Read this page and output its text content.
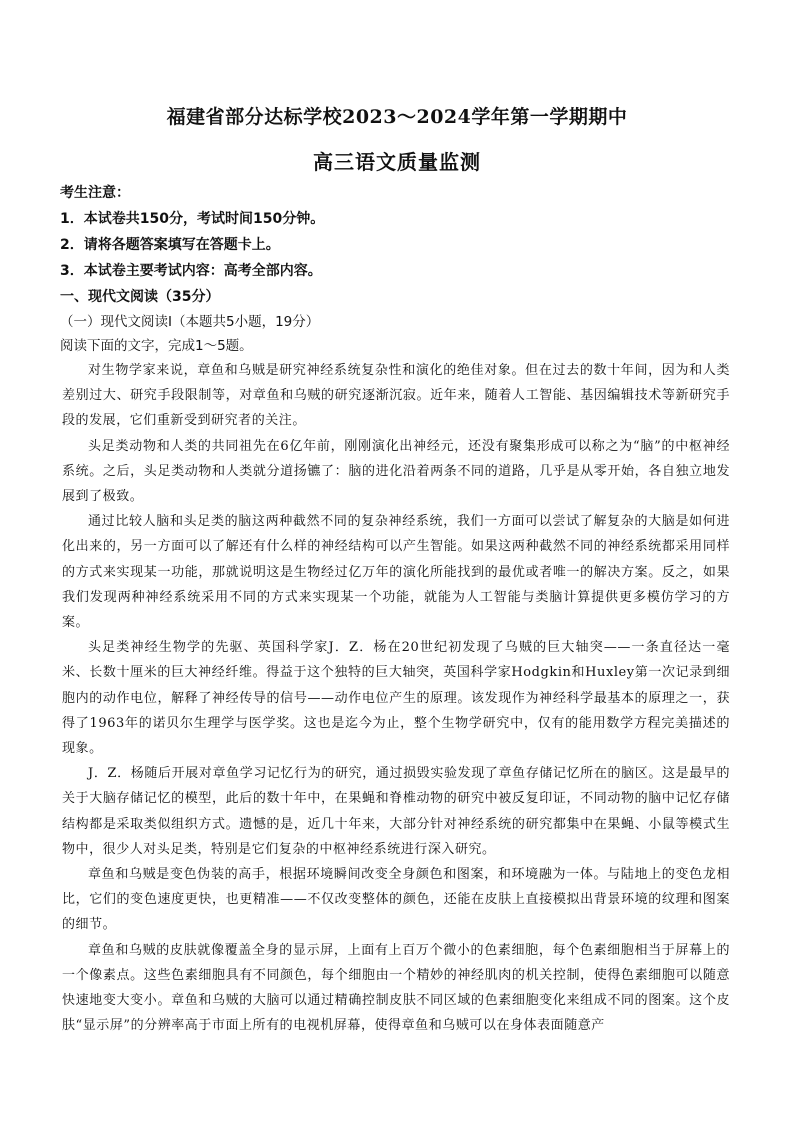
福建省部分达标学校2023～2024学年第一学期期中
高三语文质量监测
考生注意：
1．本试卷共150分，考试时间150分钟。
2．请将各题答案填写在答题卡上。
3．本试卷主要考试内容：高考全部内容。
一、现代文阅读（35分）
（一）现代文阅读Ⅰ（本题共5小题，19分）
阅读下面的文字，完成1～5题。

对生物学家来说，章鱼和乌贼是研究神经系统复杂性和演化的绝佳对象。但在过去的数十年间，因为和人类差别过大、研究手段限制等，对章鱼和乌贼的研究逐渐沉寂。近年来，随着人工智能、基因编辑技术等新研究手段的发展，它们重新受到研究者的关注。

头足类动物和人类的共同祖先在6亿年前，刚刚演化出神经元，还没有聚集形成可以称之为“脑”的中枢神经系统。之后，头足类动物和人类就分道扬镳了：脑的进化沿着两条不同的道路，几乎是从零开始，各自独立地发展到了极致。

通过比较人脑和头足类的脑这两种截然不同的复杂神经系统，我们一方面可以尝试了解复杂的大脑是如何进化出来的，另一方面可以了解还有什么样的神经结构可以产生智能。如果这两种截然不同的神经系统都采用同样的方式来实现某一功能，那就说明这是生物经过亿万年的演化所能找到的最优或者唯一的解决方案。反之，如果我们发现两种神经系统采用不同的方式来实现某一个功能，就能为人工智能与类脑计算提供更多模仿学习的方案。

头足类神经生物学的先驱、英国科学家J．Z．杨在20世纪初发现了乌贼的巨大轴突——一条直径达一毫米、长数十厘米的巨大神经纤维。得益于这个独特的巨大轴突，英国科学家Hodgkin和Huxley第一次记录到细胞内的动作电位，解释了神经传导的信号——动作电位产生的原理。该发现作为神经科学最基本的原理之一，获得了1963年的诺贝尔生理学与医学奖。这也是迄今为止，整个生物学研究中，仅有的能用数学方程完美描述的现象。

J．Z．杨随后开展对章鱼学习记忆行为的研究，通过损毁实验发现了章鱼存储记忆所在的脑区。这是最早的关于大脑存储记忆的模型，此后的数十年中，在果蝇和脊椎动物的研究中被反复印证，不同动物的脑中记忆存储结构都是采取类似组织方式。遗憾的是，近几十年来，大部分针对神经系统的研究都集中在果蝇、小鼠等模式生物中，很少人对头足类，特别是它们复杂的中枢神经系统进行深入研究。

章鱼和乌贼是变色伪装的高手，根据环境瞬间改变全身颜色和图案，和环境融为一体。与陆地上的变色龙相比，它们的变色速度更快，也更精准——不仅改变整体的颜色，还能在皮肤上直接模拟出背景环境的纹理和图案的细节。

章鱼和乌贼的皮肤就像覆盖全身的显示屏，上面有上百万个微小的色素细胞，每个色素细胞相当于屏幕上的一个像素点。这些色素细胞具有不同颜色，每个细胞由一个精妙的神经肌肉的机关控制，使得色素细胞可以随意快速地变大变小。章鱼和乌贼的大脑可以通过精确控制皮肤不同区域的色素细胞变化来组成不同的图案。这个皮肤“显示屏”的分辨率高于市面上所有的电视机屏幕，使得章鱼和乌贼可以在身体表面随意产
